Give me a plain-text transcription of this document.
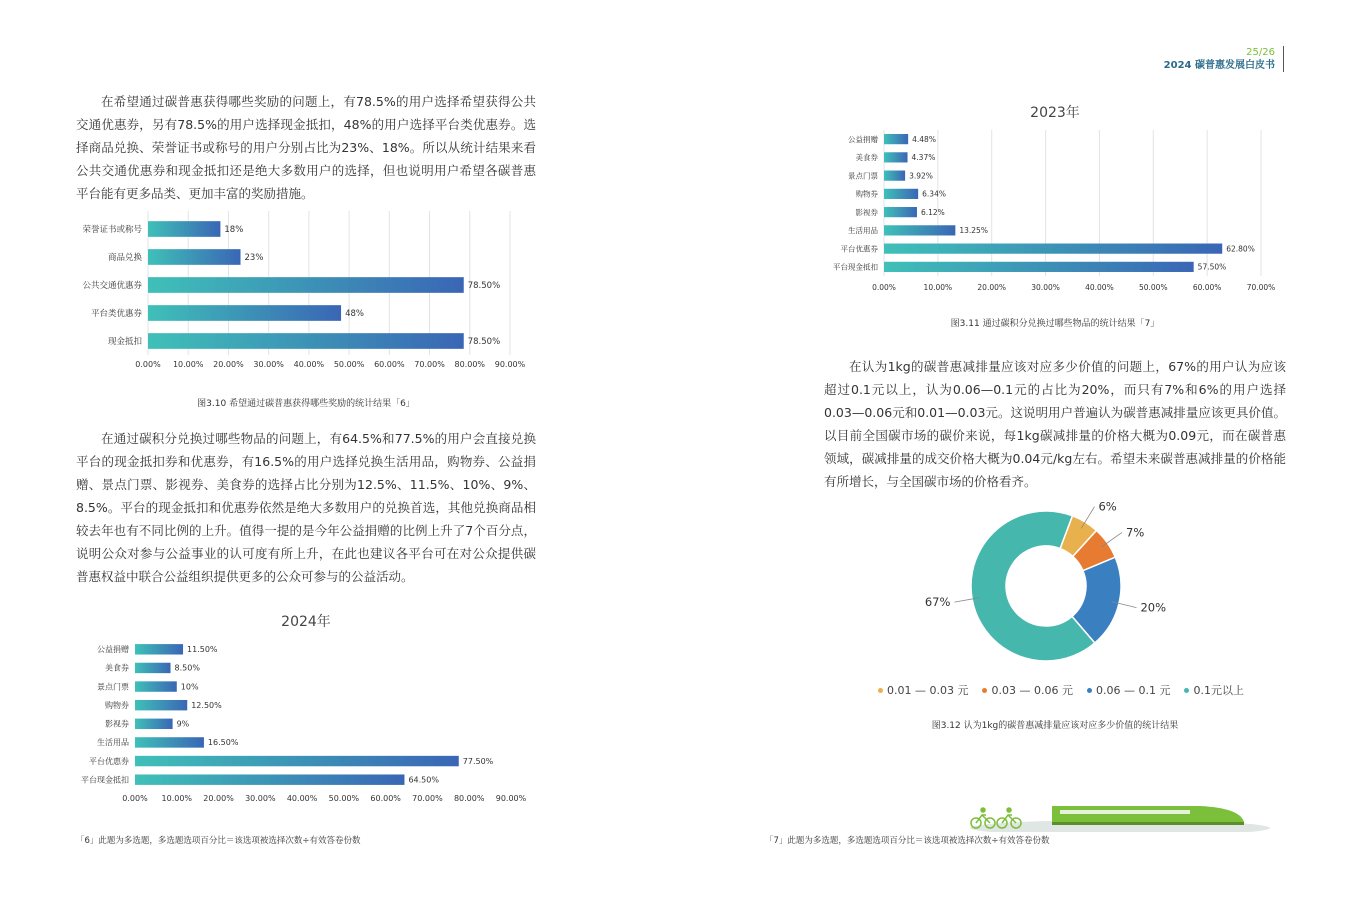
25/26
2024 碳普惠发展白皮书

在希望通过碳普惠获得哪些奖励的问题上，有78.5%的用户选择希望获得公共交通优惠券，另有78.5%的用户选择现金抵扣，48%的用户选择平台类优惠券。选择商品兑换、荣誉证书或称号的用户分别占比为23%、18%。所以从统计结果来看公共交通优惠券和现金抵扣还是绝大多数用户的选择，但也说明用户希望各碳普惠平台能有更多品类、更加丰富的奖励措施。

0.00% 10.00% 20.00% 30.00% 40.00% 50.00% 60.00% 70.00% 80.00% 90.00%
荣誉证书或称号	18%
商品兑换	23%
公共交通优惠券	78.50%
平台类优惠券	48%
现金抵扣	78.50%
图3.10 希望通过碳普惠获得哪些奖励的统计结果「6」

在通过碳积分兑换过哪些物品的问题上，有64.5%和77.5%的用户会直接兑换平台的现金抵扣券和优惠券，有16.5%的用户选择兑换生活用品，购物券、公益捐赠、景点门票、影视券、美食券的选择占比分别为12.5%、11.5%、10%、9%、8.5%。平台的现金抵扣和优惠券依然是绝大多数用户的兑换首选，其他兑换商品相较去年也有不同比例的上升。值得一提的是今年公益捐赠的比例上升了7个百分点，说明公众对参与公益事业的认可度有所上升，在此也建议各平台可在对公众提供碳普惠权益中联合公益组织提供更多的公众可参与的公益活动。

2024年
0.00% 10.00% 20.00% 30.00% 40.00% 50.00% 60.00% 70.00% 80.00% 90.00%
公益捐赠	11.50%
美食券	8.50%
景点门票	10%
购物券	12.50%
影视券	9%
生活用品	16.50%
平台优惠券	77.50%
平台现金抵扣	64.50%
「6」此题为多选题，多选题选项百分比＝该选项被选择次数÷有效答卷份数
2023年
0.00%	10.00%	20.00%	30.00%	40.00%	50.00%	60.00%	70.00%
公益捐赠	4.48%
美食券	4.37%
景点门票	3.92%
购物券	6.34%
影视券	6.12%
生活用品	13.25%
平台优惠券	62.80%
平台现金抵扣	57.50%
图3.11 通过碳积分兑换过哪些物品的统计结果「7」

在认为1kg的碳普惠减排量应该对应多少价值的问题上，67%的用户认为应该超过0.1元以上，认为0.06—0.1元的占比为20%，而只有7%和6%的用户选择0.03—0.06元和0.01—0.03元。这说明用户普遍认为碳普惠减排量应该更具价值。以目前全国碳市场的碳价来说，每1kg碳减排量的价格大概为0.09元，而在碳普惠领域，碳减排量的成交价格大概为0.04元/kg左右。希望未来碳普惠减排量的价格能有所增长，与全国碳市场的价格看齐。

6%
7%
20%
67%
0.01 — 0.03 元 0.03 — 0.06 元 0.06 — 0.1 元 0.1元以上
图3.12 认为1kg的碳普惠减排量应该对应多少价值的统计结果
「7」此题为多选题，多选题选项百分比＝该选项被选择次数÷有效答卷份数
